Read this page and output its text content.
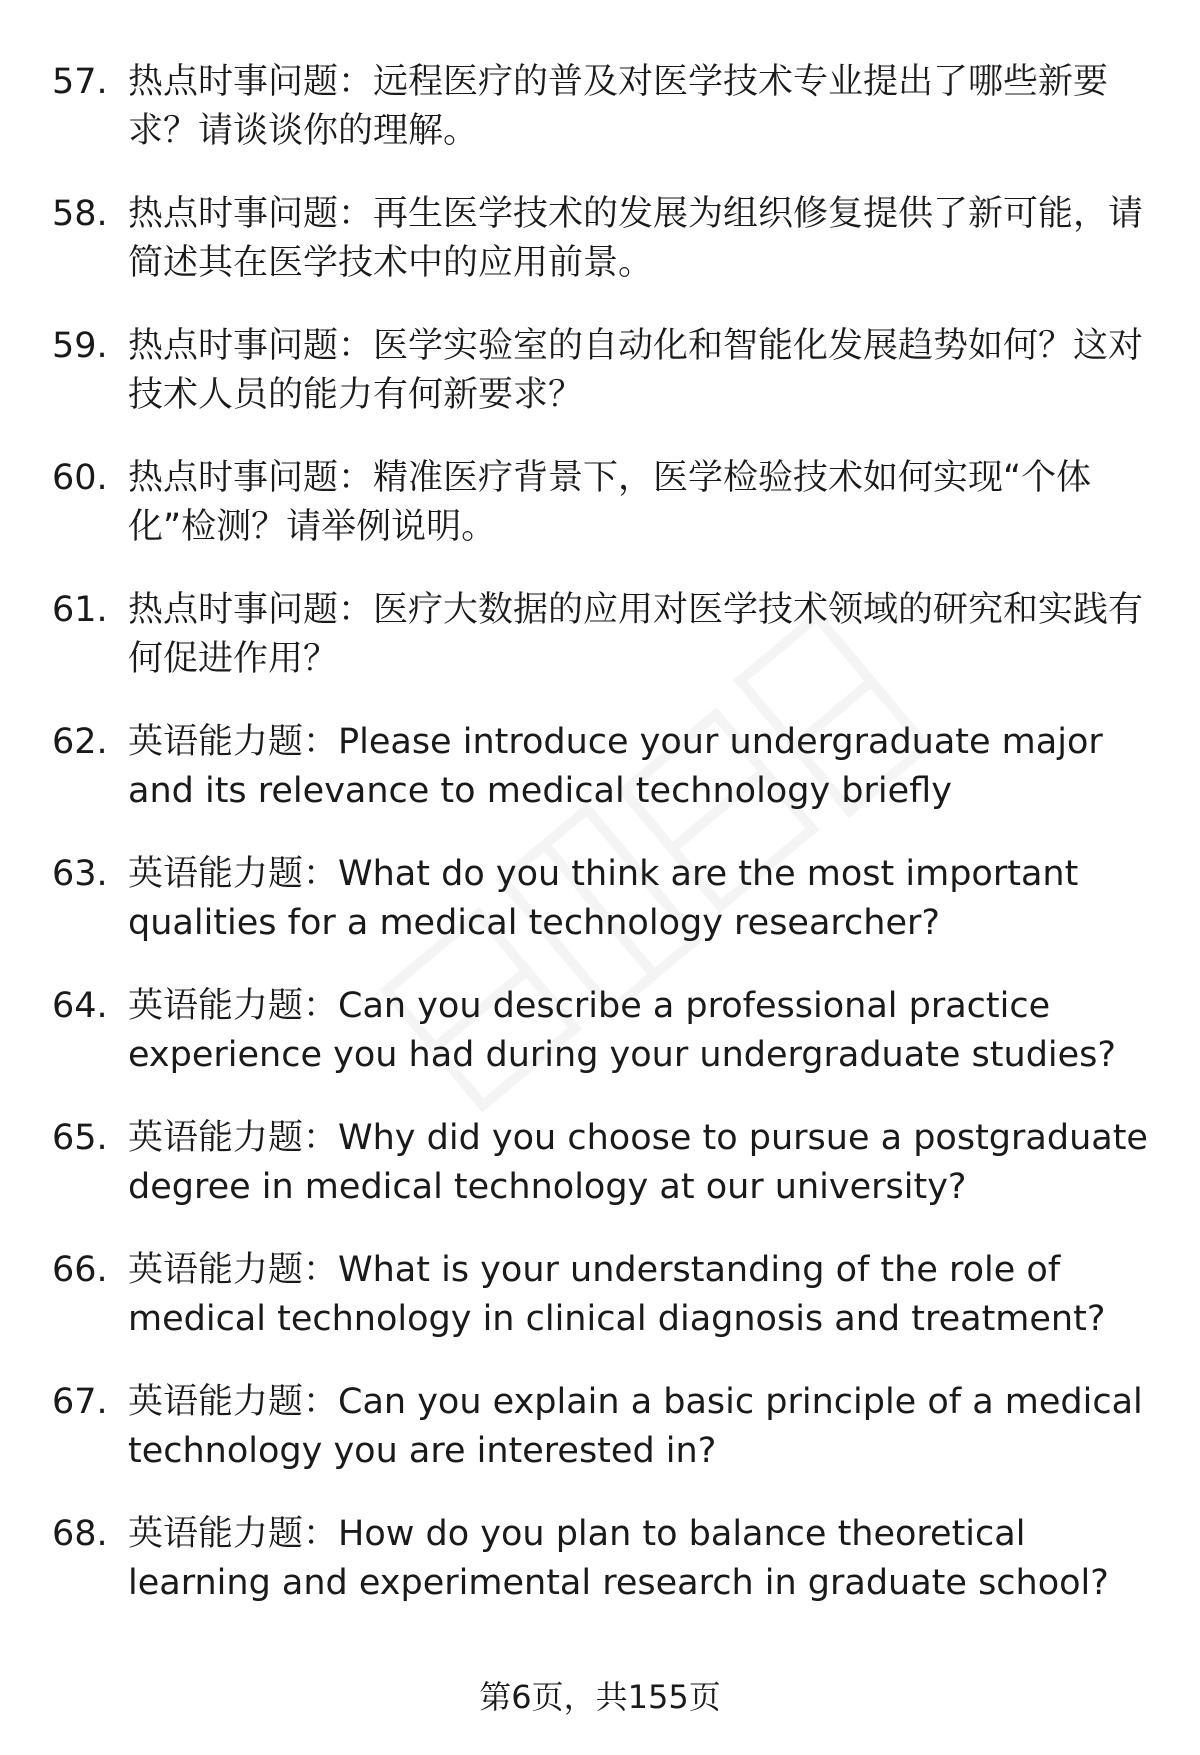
57. 热点时事问题：远程医疗的普及对医学技术专业提出了哪些新要求？请谈谈你的理解。
58. 热点时事问题：再生医学技术的发展为组织修复提供了新可能，请简述其在医学技术中的应用前景。
59. 热点时事问题：医学实验室的自动化和智能化发展趋势如何？这对技术人员的能力有何新要求？
60. 热点时事问题：精准医疗背景下，医学检验技术如何实现“个体化”检测？请举例说明。
61. 热点时事问题：医疗大数据的应用对医学技术领域的研究和实践有何促进作用？
62. 英语能力题：Please introduce your undergraduate major and its relevance to medical technology briefly
63. 英语能力题：What do you think are the most important qualities for a medical technology researcher?
64. 英语能力题：Can you describe a professional practice experience you had during your undergraduate studies?
65. 英语能力题：Why did you choose to pursue a postgraduate degree in medical technology at our university?
66. 英语能力题：What is your understanding of the role of medical technology in clinical diagnosis and treatment?
67. 英语能力题：Can you explain a basic principle of a medical technology you are interested in?
68. 英语能力题：How do you plan to balance theoretical learning and experimental research in graduate school?
第6页，共155页
